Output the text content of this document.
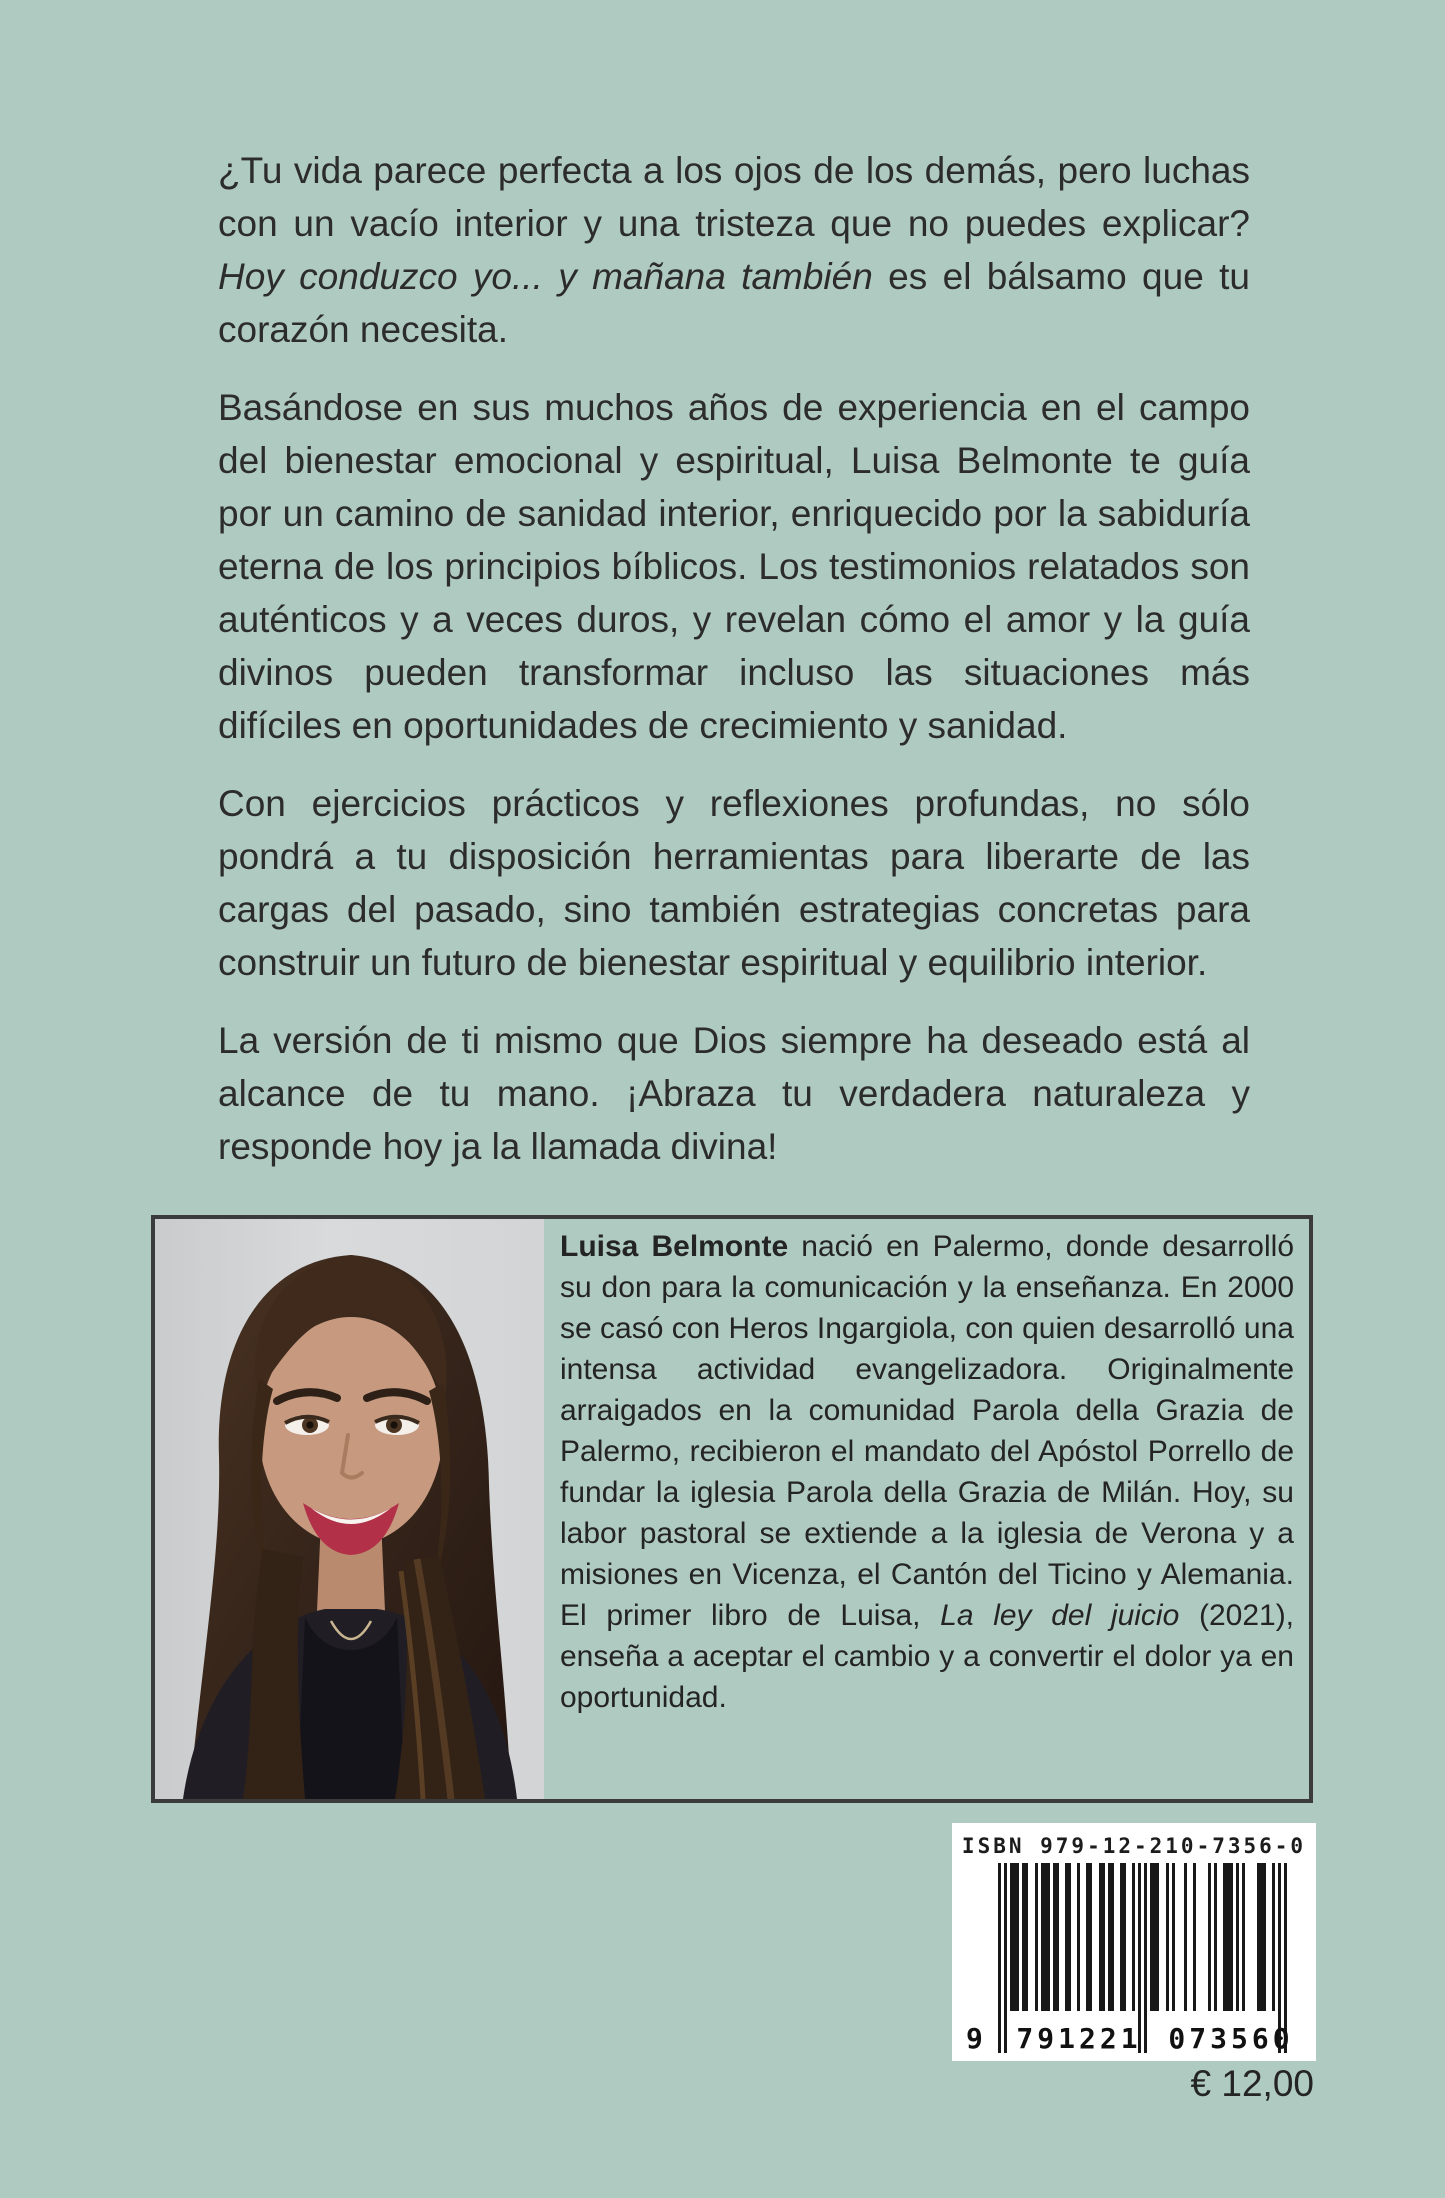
¿Tu vida parece perfecta a los ojos de los demás, pero luchas con un vacío interior y una tristeza que no puedes explicar? Hoy conduzco yo... y mañana también es el bálsamo que tu corazón necesita.

Basándose en sus muchos años de experiencia en el campo del bienestar emocional y espiritual, Luisa Belmonte te guía por un camino de sanidad interior, enriquecido por la sabiduría eterna de los principios bíblicos. Los testimonios relatados son auténticos y a veces duros, y revelan cómo el amor y la guía divinos pueden transformar incluso las situaciones más difíciles en oportunidades de crecimiento y sanidad.

Con ejercicios prácticos y reflexiones profundas, no sólo pondrá a tu disposición herramientas para liberarte de las cargas del pasado, sino también estrategias concretas para construir un futuro de bienestar espiritual y equilibrio interior.

La versión de ti mismo que Dios siempre ha deseado está al alcance de tu mano. ¡Abraza tu verdadera naturaleza y responde hoy ja la llamada divina!

Luisa Belmonte nació en Palermo, donde desarrolló su don para la comunicación y la enseñanza. En 2000 se casó con Heros Ingargiola, con quien desarrolló una intensa actividad evangelizadora. Originalmente arraigados en la comunidad Parola della Grazia de Palermo, recibieron el mandato del Apóstol Porrello de fundar la iglesia Parola della Grazia de Milán. Hoy, su labor pastoral se extiende a la iglesia de Verona y a misiones en Vicenza, el Cantón del Ticino y Alemania. El primer libro de Luisa, La ley del juicio (2021), enseña a aceptar el cambio y a convertir el dolor ya en oportunidad.
ISBN 979-12-210-7356-0
9	791221 073560
€ 12,00
